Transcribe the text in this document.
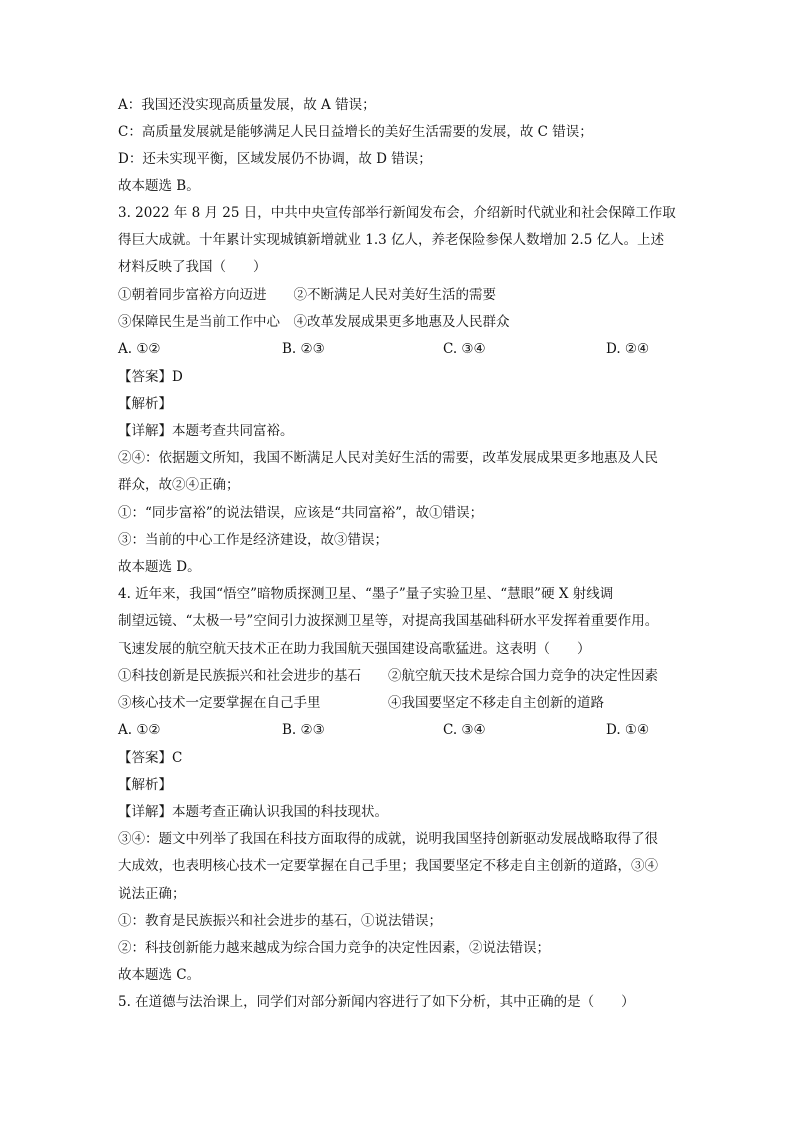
A：我国还没实现高质量发展，故 A 错误；
C：高质量发展就是能够满足人民日益增长的美好生活需要的发展，故 C 错误；
D：还未实现平衡，区域发展仍不协调，故 D 错误；
故本题选 B。
3. 2022 年 8 月 25 日，中共中央宣传部举行新闻发布会，介绍新时代就业和社会保障工作取
得巨大成就。十年累计实现城镇新增就业 1.3 亿人，养老保险参保人数增加 2.5 亿人。上述
材料反映了我国（　　）
①朝着同步富裕方向迈进　　②不断满足人民对美好生活的需要
③保障民生是当前工作中心　④改革发展成果更多地惠及人民群众
A. ①②	B. ②③	C. ③④	D. ②④
【答案】D
【解析】
【详解】本题考查共同富裕。
②④：依据题文所知，我国不断满足人民对美好生活的需要，改革发展成果更多地惠及人民
群众，故②④正确；
①：“同步富裕”的说法错误，应该是“共同富裕”，故①错误；
③：当前的中心工作是经济建设，故③错误；
故本题选 D。
4. 近年来，我国“悟空”暗物质探测卫星、“墨子”量子实验卫星、“慧眼”硬 X 射线调
制望远镜、“太极一号”空间引力波探测卫星等，对提高我国基础科研水平发挥着重要作用。
飞速发展的航空航天技术正在助力我国航天强国建设高歌猛进。这表明（　　）
①科技创新是民族振兴和社会进步的基石　　②航空航天技术是综合国力竞争的决定性因素
③核心技术一定要掌握在自己手里　　　　　④我国要坚定不移走自主创新的道路
A. ①②	B. ②③	C. ③④	D. ①④
【答案】C
【解析】
【详解】本题考查正确认识我国的科技现状。
③④：题文中列举了我国在科技方面取得的成就，说明我国坚持创新驱动发展战略取得了很
大成效，也表明核心技术一定要掌握在自己手里；我国要坚定不移走自主创新的道路，③④
说法正确；
①：教育是民族振兴和社会进步的基石，①说法错误；
②：科技创新能力越来越成为综合国力竞争的决定性因素，②说法错误；
故本题选 C。
5. 在道德与法治课上，同学们对部分新闻内容进行了如下分析，其中正确的是（　　）
